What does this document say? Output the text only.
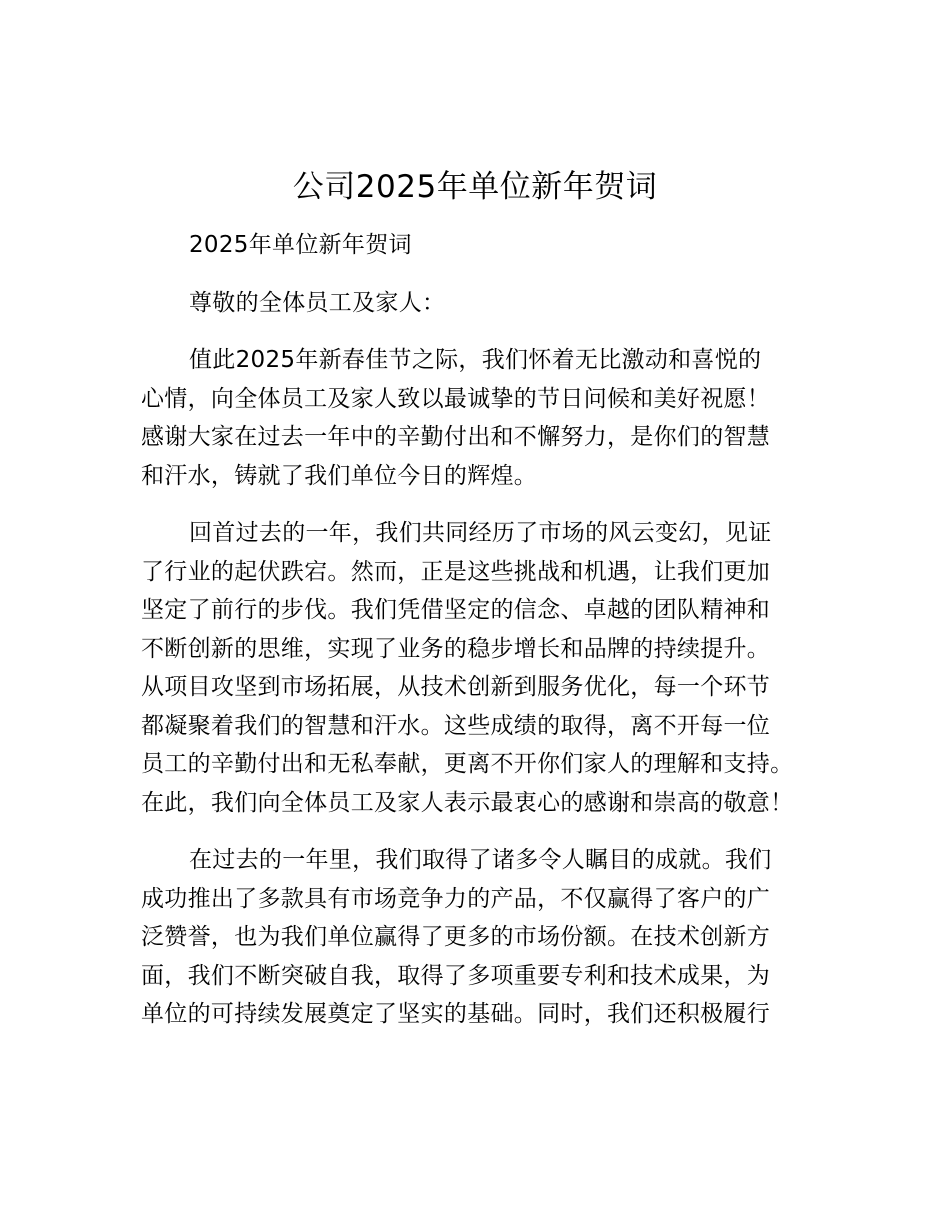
公司2025年单位新年贺词
2025年单位新年贺词
尊敬的全体员工及家人：
值此2025年新春佳节之际，我们怀着无比激动和喜悦的
心情，向全体员工及家人致以最诚挚的节日问候和美好祝愿！
感谢大家在过去一年中的辛勤付出和不懈努力，是你们的智慧
和汗水，铸就了我们单位今日的辉煌。
回首过去的一年，我们共同经历了市场的风云变幻，见证
了行业的起伏跌宕。然而，正是这些挑战和机遇，让我们更加
坚定了前行的步伐。我们凭借坚定的信念、卓越的团队精神和
不断创新的思维，实现了业务的稳步增长和品牌的持续提升。
从项目攻坚到市场拓展，从技术创新到服务优化，每一个环节
都凝聚着我们的智慧和汗水。这些成绩的取得，离不开每一位
员工的辛勤付出和无私奉献，更离不开你们家人的理解和支持。
在此，我们向全体员工及家人表示最衷心的感谢和崇高的敬意！
在过去的一年里，我们取得了诸多令人瞩目的成就。我们
成功推出了多款具有市场竞争力的产品，不仅赢得了客户的广
泛赞誉，也为我们单位赢得了更多的市场份额。在技术创新方
面，我们不断突破自我，取得了多项重要专利和技术成果，为
单位的可持续发展奠定了坚实的基础。同时，我们还积极履行
